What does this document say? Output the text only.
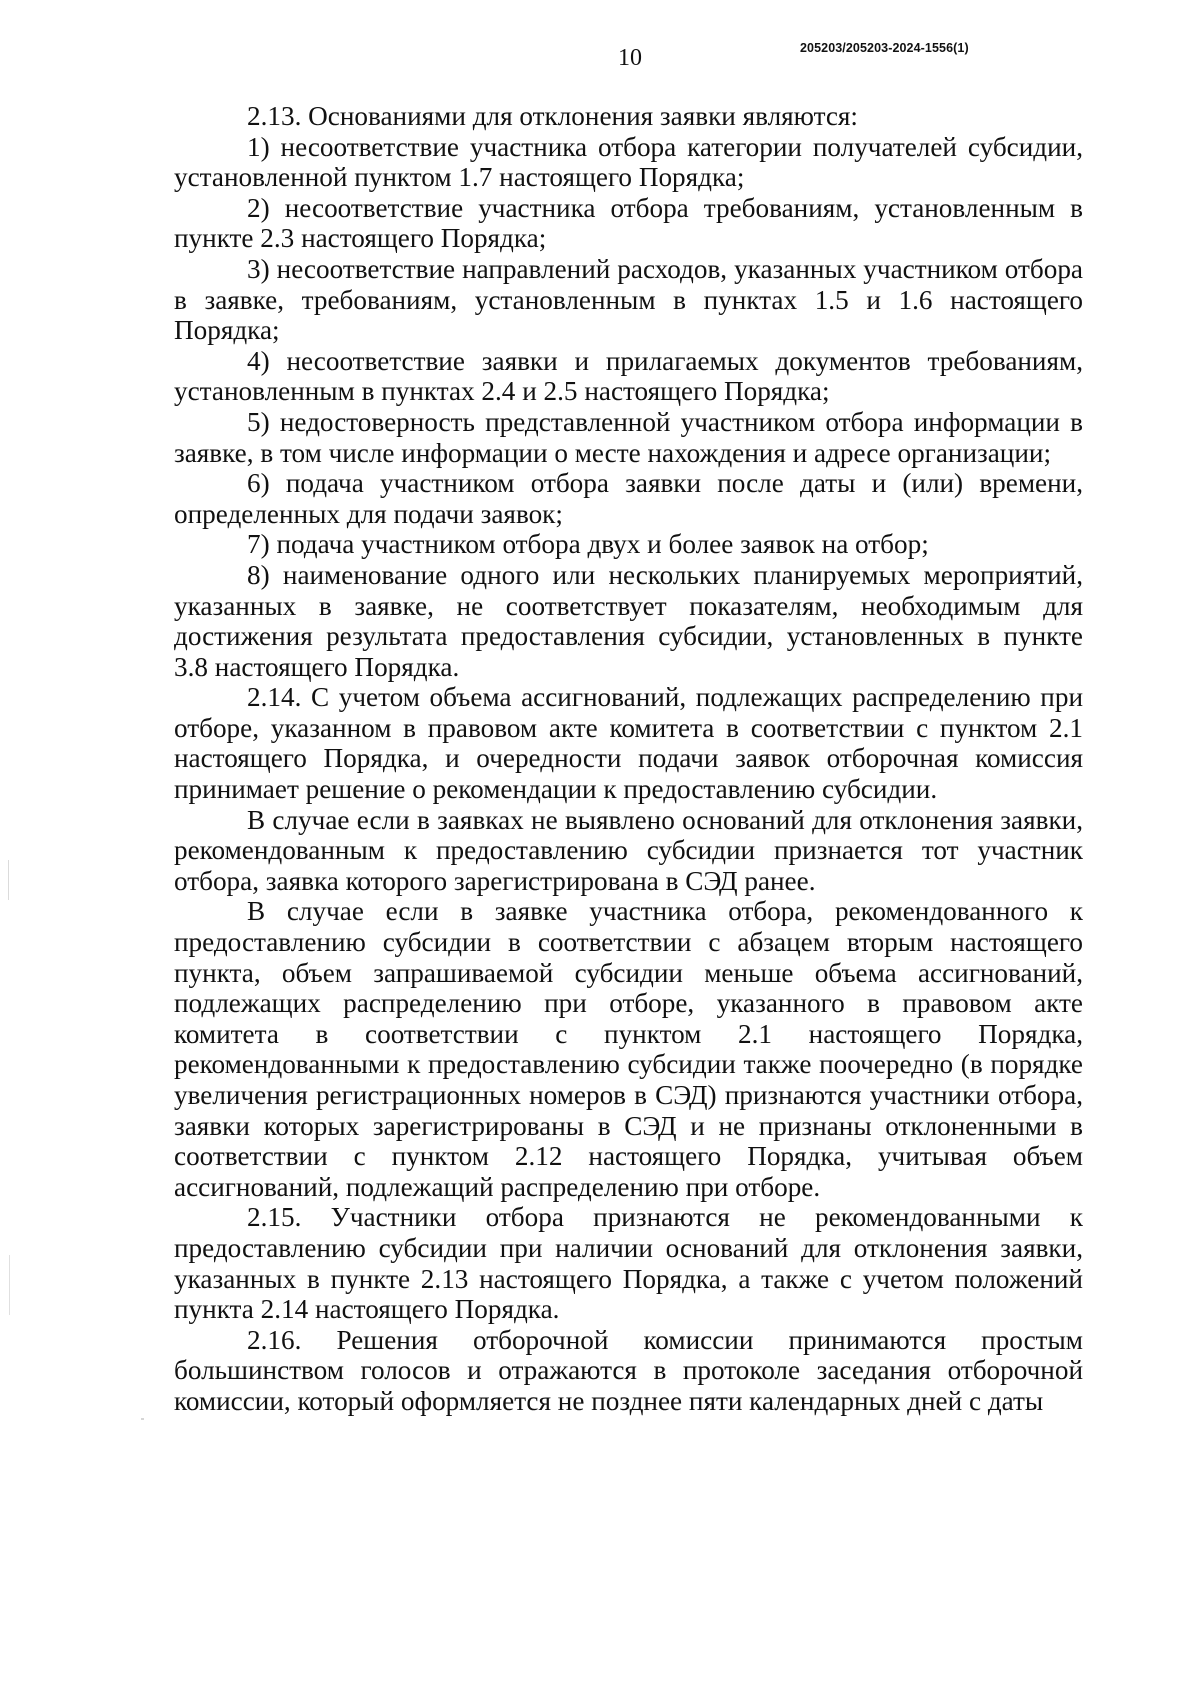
10	205203/205203-2024-1556(1)

2.13. Основаниями для отклонения заявки являются:

1) несоответствие участника отбора категории получателей субсидии, установленной пунктом 1.7 настоящего Порядка;

2) несоответствие участника отбора требованиям, установленным в пункте 2.3 настоящего Порядка;

3) несоответствие направлений расходов, указанных участником отбора в заявке, требованиям, установленным в пунктах 1.5 и 1.6 настоящего Порядка;

4) несоответствие заявки и прилагаемых документов требованиям, установленным в пунктах 2.4 и 2.5 настоящего Порядка;

5) недостоверность представленной участником отбора информации в заявке, в том числе информации о месте нахождения и адресе организации;

6) подача участником отбора заявки после даты и (или) времени, определенных для подачи заявок;

7) подача участником отбора двух и более заявок на отбор;

8) наименование одного или нескольких планируемых мероприятий, указанных в заявке, не соответствует показателям, необходимым для достижения результата предоставления субсидии, установленных в пункте 3.8 настоящего Порядка.

2.14. С учетом объема ассигнований, подлежащих распределению при отборе, указанном в правовом акте комитета в соответствии с пунктом 2.1 настоящего Порядка, и очередности подачи заявок отборочная комиссия принимает решение о рекомендации к предоставлению субсидии.

В случае если в заявках не выявлено оснований для отклонения заявки, рекомендованным к предоставлению субсидии признается тот участник отбора, заявка которого зарегистрирована в СЭД ранее.

В случае если в заявке участника отбора, рекомендованного к предоставлению субсидии в соответствии с абзацем вторым настоящего пункта, объем запрашиваемой субсидии меньше объема ассигнований, подлежащих распределению при отборе, указанного в правовом акте комитета в соответствии с пунктом 2.1 настоящего Порядка, рекомендованными к предоставлению субсидии также поочередно (в порядке увеличения регистрационных номеров в СЭД) признаются участники отбора, заявки которых зарегистрированы в СЭД и не признаны отклоненными в соответствии с пунктом 2.12 настоящего Порядка, учитывая объем ассигнований, подлежащий распределению при отборе.

2.15. Участники отбора признаются не рекомендованными к предоставлению субсидии при наличии оснований для отклонения заявки, указанных в пункте 2.13 настоящего Порядка, а также с учетом положений пункта 2.14 настоящего Порядка.

2.16. Решения отборочной комиссии принимаются простым большинством голосов и отражаются в протоколе заседания отборочной комиссии, который оформляется не позднее пяти календарных дней с даты
